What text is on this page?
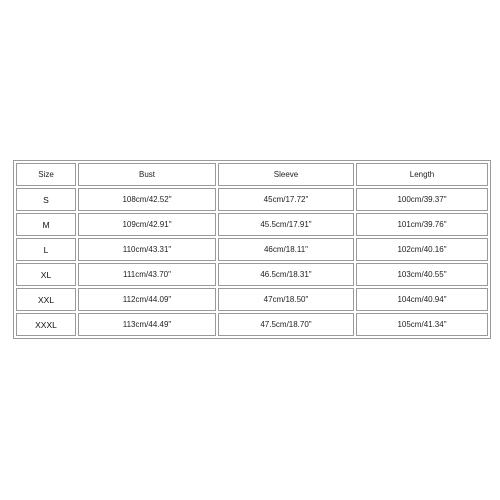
Size	Bust	Sleeve	Length
S	108cm/42.52"	45cm/17.72"	100cm/39.37"
M	109cm/42.91"	45.5cm/17.91"	101cm/39.76"
L	110cm/43.31"	46cm/18.11"	102cm/40.16"
XL	111cm/43.70"	46.5cm/18.31"	103cm/40.55"
XXL	112cm/44.09"	47cm/18.50"	104cm/40.94"
XXXL	113cm/44.49"	47.5cm/18.70"	105cm/41.34"
